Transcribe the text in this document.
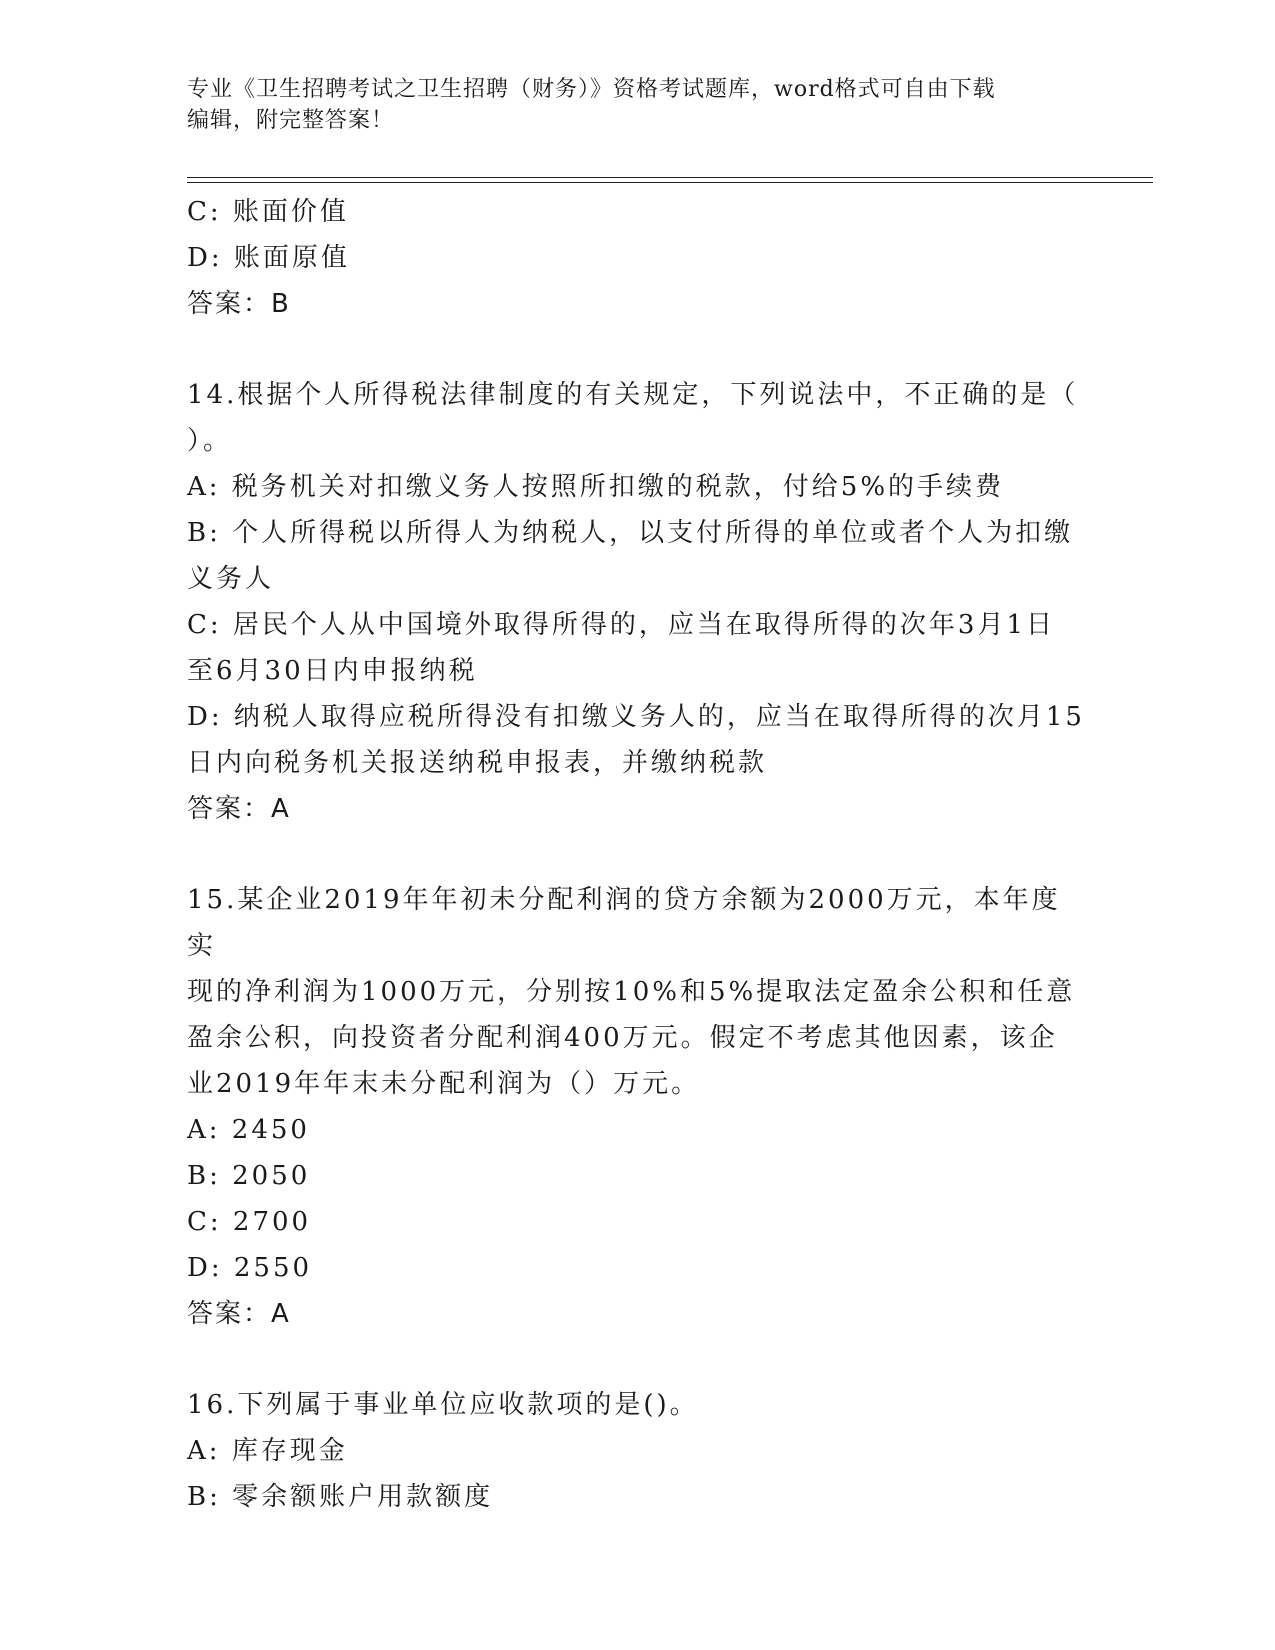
专业《卫生招聘考试之卫生招聘（财务）》资格考试题库，word格式可自由下载
编辑，附完整答案！

C: 账面价值

D: 账面原值

答案：B

14.根据个人所得税法律制度的有关规定，下列说法中，不正确的是（

）。

A: 税务机关对扣缴义务人按照所扣缴的税款，付给5%的手续费

B: 个人所得税以所得人为纳税人，以支付所得的单位或者个人为扣缴

义务人

C: 居民个人从中国境外取得所得的，应当在取得所得的次年3月1日

至6月30日内申报纳税

D: 纳税人取得应税所得没有扣缴义务人的，应当在取得所得的次月15

日内向税务机关报送纳税申报表，并缴纳税款

答案：A

15.某企业2019年年初未分配利润的贷方余额为2000万元，本年度实

现的净利润为1000万元，分别按10%和5%提取法定盈余公积和任意

盈余公积，向投资者分配利润400万元。假定不考虑其他因素，该企

业2019年年末未分配利润为（）万元。

A: 2450

B: 2050

C: 2700

D: 2550

答案：A

16.下列属于事业单位应收款项的是()。

A: 库存现金

B: 零余额账户用款额度
